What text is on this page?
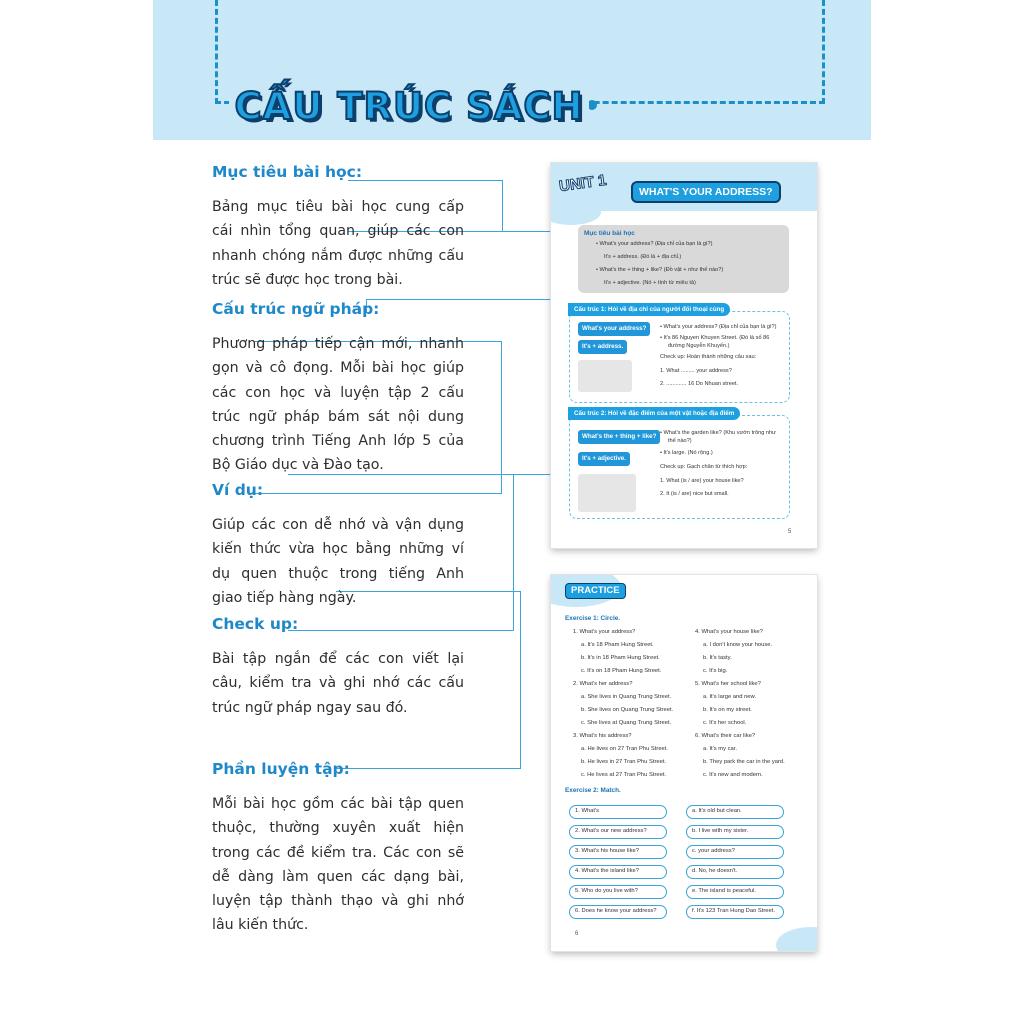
CẤU TRÚC SÁCH
Mục tiêu bài học:

Bảng mục tiêu bài học cung cấp cái nhìn tổng quan, giúp các con nhanh chóng nắm được những cấu trúc sẽ được học trong bài.

Cấu trúc ngữ pháp:

Phương pháp tiếp cận mới, nhanh gọn và cô đọng. Mỗi bài học giúp các con học và luyện tập 2 cấu trúc ngữ pháp bám sát nội dung chương trình Tiếng Anh lớp 5 của Bộ Giáo dục và Đào tạo.

Ví dụ:

Giúp các con dễ nhớ và vận dụng kiến thức vừa học bằng những ví dụ quen thuộc trong tiếng Anh giao tiếp hàng ngày.

Check up:

Bài tập ngắn để các con viết lại câu, kiểm tra và ghi nhớ các cấu trúc ngữ pháp ngay sau đó.

Phần luyện tập:

Mỗi bài học gồm các bài tập quen thuộc, thường xuyên xuất hiện trong các đề kiểm tra. Các con sẽ dễ dàng làm quen các dạng bài, luyện tập thành thạo và ghi nhớ lâu kiến thức.

UNIT 1	WHAT'S YOUR ADDRESS?
Mục tiêu bài học
• What's your address? (Địa chỉ của bạn là gì?)
It's + address. (Đó là + địa chỉ.)
• What's the + thing + like? (Đồ vật + như thế nào?)
It's + adjective. (Nó + tính từ miêu tả)
Cấu trúc 1: Hỏi về địa chỉ của người đối thoại cùng
What's your address?
It's + address.
• What's your address? (Địa chỉ của bạn là gì?)
• It's 86 Nguyen Khuyen Street. (Đó là số 86
đường Nguyễn Khuyến.)
Check up: Hoàn thành những câu sau:
1. What ......... your address?
2. ............. 16 Do Nhuan street.
Cấu trúc 2: Hỏi về đặc điểm của một vật hoặc địa điểm
What's the + thing + like?
It's + adjective.
• What's the garden like? (Khu vườn trông như
thế nào?)
• It's large. (Nó rộng.)
Check up: Gạch chân từ thích hợp:
1. What (is / are) your house like?
2. It (is / are) nice but small.
5
PRACTICE
Exercise 1: Circle.
1. What's your address?
a. It's 18 Pham Hung Street.
b. It's in 18 Pham Hung Street.
c. It's on 18 Pham Hung Street.
2. What's her address?
a. She lives in Quang Trung Street.
b. She lives on Quang Trung Street.
c. She lives at Quang Trung Street.
3. What's his address?
a. He lives on 27 Tran Phu Street.
b. He lives in 27 Tran Phu Street.
c. He lives at 27 Tran Phu Street.
4. What's your house like?
a. I don't know your house.
b. It's tasty.
c. It's big.
5. What's her school like?
a. It's large and new.
b. It's on my street.
c. It's her school.
6. What's their car like?
a. It's my car.
b. They park the car in the yard.
c. It's new and modern.
Exercise 2: Match.
1. What's
2. What's our new address?
3. What's his house like?
4. What's the island like?
5. Who do you live with?
6. Does he know your address?
a. It's old but clean.
b. I live with my sister.
c. your address?
d. No, he doesn't.
e. The island is peaceful.
f. It's 123 Tran Hung Dao Street.
6
